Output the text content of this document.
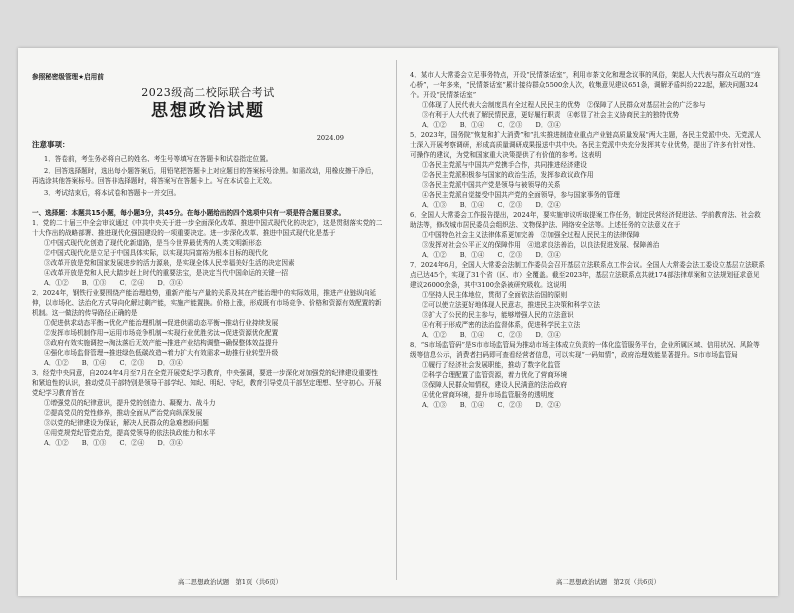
参照秘密级管理★启用前
2023级高二校际联合考试
思想政治试题
2024.09
注意事项：

1．答卷前，考生务必将自己的姓名、考生号等填写在答题卡和试卷指定位置。

2．回答选择题时，选出每小题答案后，用铅笔把答题卡上对应题目的答案标号涂黑。如需改动，用橡皮擦干净后，再选涂其他答案标号。回答非选择题时，将答案写在答题卡上。写在本试卷上无效。

3．考试结束后，将本试卷和答题卡一并交回。

一、选择题：本题共15小题，每小题3分，共45分。在每小题给出的四个选项中只有一项是符合题目要求。

1．党的二十届三中全会审议通过《中共中央关于进一步全面深化改革、推进中国式现代化的决定》，这是贯彻落实党的二十大作出的战略部署、推进现代化强国建设的一项重要决定。进一步深化改革、推进中国式现代化是基于

①中国式现代化创造了现代化新道路，是当今世界最优秀的人类文明新形态

②中国式现代化是立足于中国具体实际，以实现共同富裕为根本目标的现代化

③改革开放是党和国家发展进步的活力源泉，是实现全体人民幸福美好生活的决定因素

④改革开放是党和人民大踏步赶上时代的重要法宝，是决定当代中国命运的关键一招

A．①②　　B．①③　　C．②④　　D．③④

2．2024年，钢铁行业要围绕产能治理趋势，重新产能与产量的关系及其在产能治理中的实际效用，推进产业链纵向延伸，以市场化、法治化方式导向化解过剩产能，实施产能置换。价格上涨，形成既有市场竞争、价格和资源有效配置的新机制。这一做法的传导路径正确的是

①促进供求动态平衡→优化产能治理机制→促进供需动态平衡→推动行业持续发展

②发挥市场机制作用→运用市场竞争机制→实现行业优胜劣汰→促进资源优化配置

③政府有效实施调控→淘汰落后无效产能→推进产业结构调整→确保整体效益提升

④强化市场监督管理→推进绿色低碳改造→着力扩大有效需求→助推行业转型升级

A．①②　　B．①④　　C．②③　　D．③④

3．经党中央同意，自2024年4月至7月在全党开展党纪学习教育，中央强调，要进一步深化对加强党的纪律建设重要性和紧迫性的认识，推动党员干部特别是领导干部学纪、知纪、明纪、守纪，教育引导党员干部坚定理想、坚守初心。开展党纪学习教育旨在

①增强党员的纪律意识，提升党的创造力、凝聚力、战斗力

②提高党员的党性修养，推动全面从严治党向纵深发展

③以党的纪律建设为保证，解决人民群众的急难愁盼问题

④用党规党纪管党治党，提高党领导的依法执政能力和水平

A．①②　　B．①③　　C．②④　　D．③④

4．某市人大常委会立足事务特点，开设“民情茶话室”，利用市茶文化和理念议事的风俗，架起人大代表与群众互动的“连心桥”，一年多来，“民情茶话室”累计接待群众5500余人次，收集意见建议651条，调解矛盾纠纷222起，解决问题324个。开设“民情茶话室”

①体现了人民代表大会制度具有全过程人民民主的优势　②保障了人民群众对基层社会的广泛参与

③有利于人大代表了解民情民意，更好履行职责　④彰显了社会主义协商民主的独特优势

A．①②　　B．①④　　C．②③　　D．③④

5．2023年，国务院“恢复和扩大消费”和“扎实推进制造业重点产业链高质量发展”两大主题，各民主党派中央、无党派人士深入开展考察调研，形成高质量调研成果报送中共中央。各民主党派中央充分发挥其专业优势，提出了许多有针对性、可操作的建议，为党和国家重大决策提供了有价值的参考。这表明

①各民主党派与中国共产党携手合作，共同推进经济建设

②各民主党派积极参与国家的政治生活，发挥参政议政作用

③各民主党派中国共产党是领导与被领导的关系

④各民主党派自觉接受中国共产党的全面领导，参与国家事务的管理

A．①③　　B．①④　　C．②③　　D．②④

6．全国人大常委会工作报告提出，2024年，要实施审议听取提案工作任务，制定民营经济促进法、学前教育法、社会救助法等，修改城市居民委员会组织法、文物保护法、网络安全法等。上述任务的立法意义在于

①中国特色社会主义法律体系更加完善　②加强全过程人民民主的法律保障

③发挥对社会公平正义的保障作用　④追求良法善治，以良法促进发展、保障善治

A．①②　　B．①④　　C．②③　　D．③④

7．2024年6月，全国人大常委会法制工作委员会召开基层立法联系点工作会议。全国人大常委会法工委设立基层立法联系点已达45个，实现了31个省（区、市）全覆盖。截至2023年，基层立法联系点共就174部法律草案和立法规划征求意见建议26000余条，其中3100余条被研究吸收。这说明

①坚持人民主体地位，贯彻了全面依法治国的原则

②可以使立法更好地体现人民意志，推进民主决策和科学立法

③扩大了公民的民主参与，能够增强人民的立法意识

④有利于形成严密的法治监督体系，促进科学民主立法

A．①②　　B．①④　　C．②③　　D．③④

8．“S市场监管码”是S市市场监管局为推动市场主体成立负责的一体化监管服务平台，企业所属区域、信用状况、风险等级等信息公示，消费者扫码即可查看经营者信息，可以实现“一码知情”，政府治理效能显著提升。S市市场监管局

①履行了经济社会发展职能，推动了数字化监管

②科学合理配置了监管资源，着力优化了营商环境

③保障人民群众知情权，建设人民满意的法治政府

④优化营商环境，提升市场监管服务的透明度

A．①③　　B．①④　　C．②③　　D．②④

高二思想政治试题　第1页（共6页）	高二思想政治试题　第2页（共6页）
